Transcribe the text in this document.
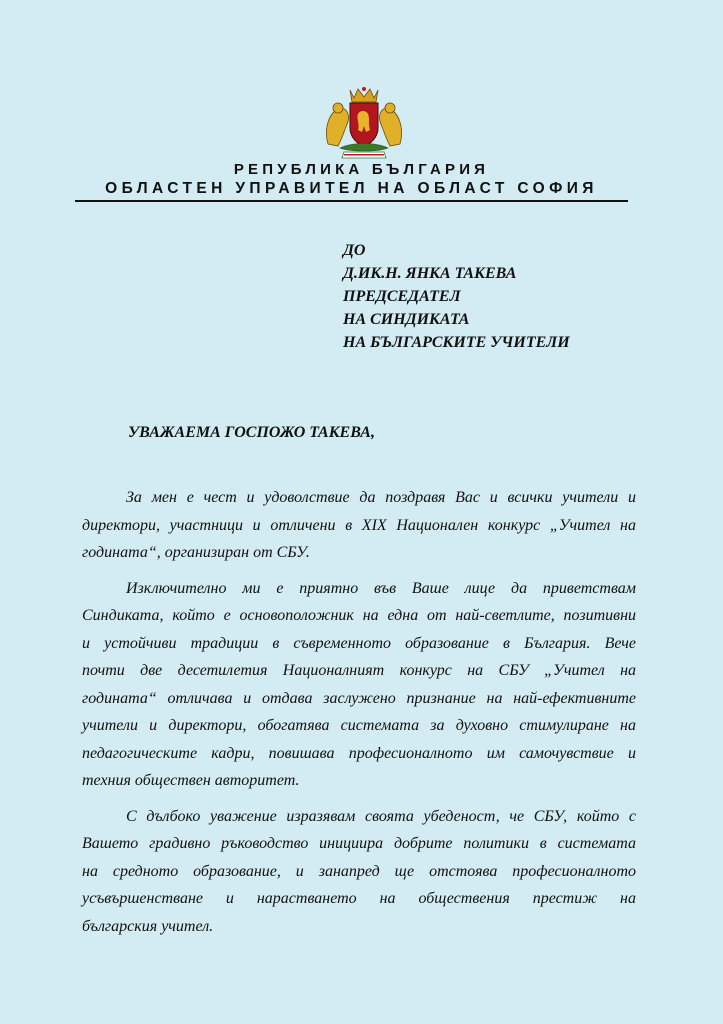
РЕПУБЛИКА БЪЛГАРИЯ
ОБЛАСТЕН УПРАВИТЕЛ НА ОБЛАСТ СОФИЯ
ДО
Д.ИК.Н. ЯНКА ТАКЕВА
ПРЕДСЕДАТЕЛ
НА СИНДИКАТА
НА БЪЛГАРСКИТЕ УЧИТЕЛИ
УВАЖАЕМА ГОСПОЖО ТАКЕВА,

За мен е чест и удоволствие да поздравя Вас и всички учители и
директори, участници и отличени в XIX Национален конкурс „Учител на
годината“, организиран от СБУ.

Изключително ми е приятно във Ваше лице да приветствам
Синдиката, който е основоположник на една от най-светлите, позитивни
и устойчиви традиции в съвременното образование в България. Вече
почти две десетилетия Националният конкурс на СБУ „Учител на
годината“ отличава и отдава заслужено признание на най-ефективните
учители и директори, обогатява системата за духовно стимулиране на
педагогическите кадри, повишава професионалното им самочувствие и
техния обществен авторитет.

С дълбоко уважение изразявам своята убеденост, че СБУ, който с
Вашето градивно ръководство инициира добрите политики в системата
на средното образование, и занапред ще отстоява професионалното
усъвършенстване и нарастването на обществения престиж на
българския учител.
